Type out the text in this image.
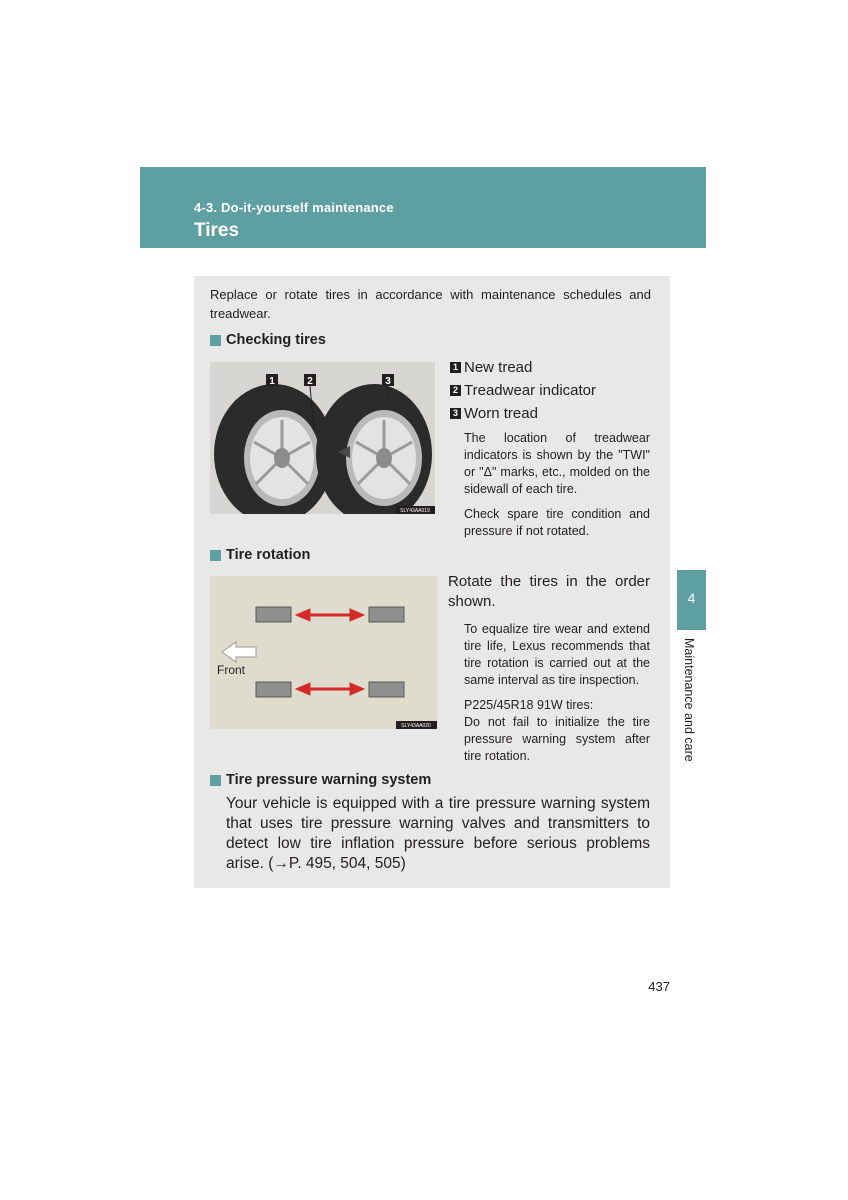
4-3. Do-it-yourself maintenance
Tires

Replace or rotate tires in accordance with maintenance schedules and treadwear.

Checking tires
1	2	3
SLY43AA019
1 New tread
2 Treadwear indicator
3 Worn tread

The location of treadwear indicators is shown by the "TWI" or "Δ" marks, etc., molded on the sidewall of each tire.

Check spare tire condition and pressure if not rotated.

Tire rotation
Front
SLY43AA020

Rotate the tires in the order shown.

To equalize tire wear and extend tire life, Lexus recommends that tire rotation is carried out at the same interval as tire inspection.

P225/45R18 91W tires:

Do not fail to initialize the tire pressure warning system after tire rotation.

Tire pressure warning system

Your vehicle is equipped with a tire pressure warning system that uses tire pressure warning valves and transmitters to detect low tire inflation pressure before serious problems arise. (→P. 495, 504, 505)

4
Maintenance and care
437
